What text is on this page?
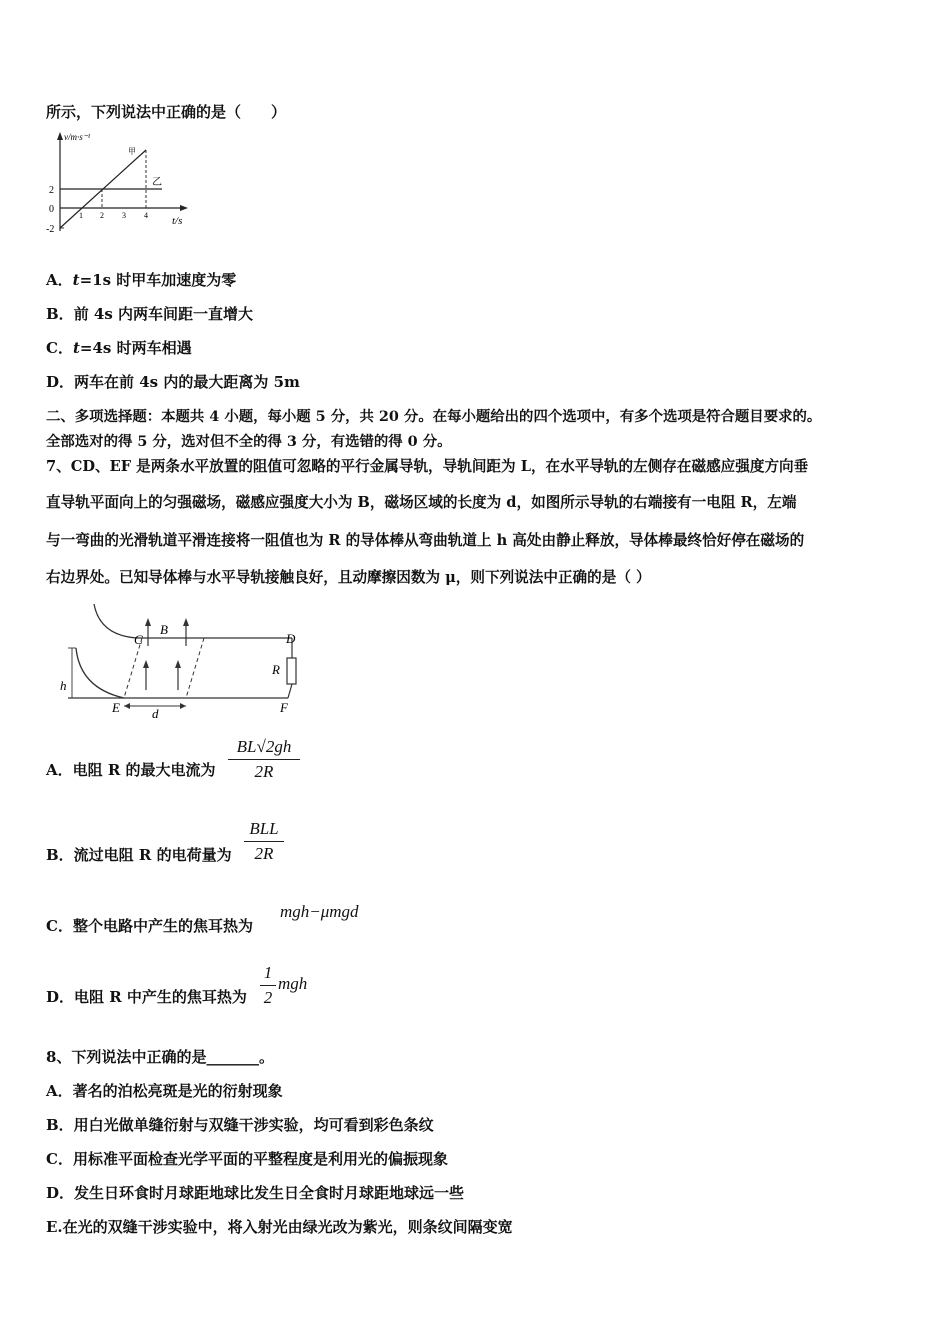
所示，下列说法中正确的是（　　）
v/m·s⁻¹
t/s
2
0
-2
1 2 3 4
甲
乙
A．t=1s 时甲车加速度为零
B．前 4s 内两车间距一直增大
C．t=4s 时两车相遇
D．两车在前 4s 内的最大距离为 5m
二、多项选择题：本题共 4 小题，每小题 5 分，共 20 分。在每小题给出的四个选项中，有多个选项是符合题目要求的。
全部选对的得 5 分，选对但不全的得 3 分，有选错的得 0 分。
7、CD、EF 是两条水平放置的阻值可忽略的平行金属导轨，导轨间距为 L，在水平导轨的左侧存在磁感应强度方向垂
直导轨平面向上的匀强磁场，磁感应强度大小为 B，磁场区域的长度为 d，如图所示导轨的右端接有一电阻 R，左端
与一弯曲的光滑轨道平滑连接将一阻值也为 R 的导体棒从弯曲轨道上 h 高处由静止释放，导体棒最终恰好停在磁场的
右边界处。已知导体棒与水平导轨接触良好，且动摩擦因数为 μ，则下列说法中正确的是（ ）
B
C	D
R
E	F
h
d
A．电阻 R 的最大电流为
BL√2gh
2R
B．流过电阻 R 的电荷量为
BLL
2R
C．整个电路中产生的焦耳热为
mgh−μmgd
D．电阻 R 中产生的焦耳热为
1
2
mgh
8、下列说法中正确的是_______。
A．著名的泊松亮斑是光的衍射现象
B．用白光做单缝衍射与双缝干涉实验，均可看到彩色条纹
C．用标准平面检查光学平面的平整程度是利用光的偏振现象
D．发生日环食时月球距地球比发生日全食时月球距地球远一些
E.在光的双缝干涉实验中，将入射光由绿光改为紫光，则条纹间隔变宽
